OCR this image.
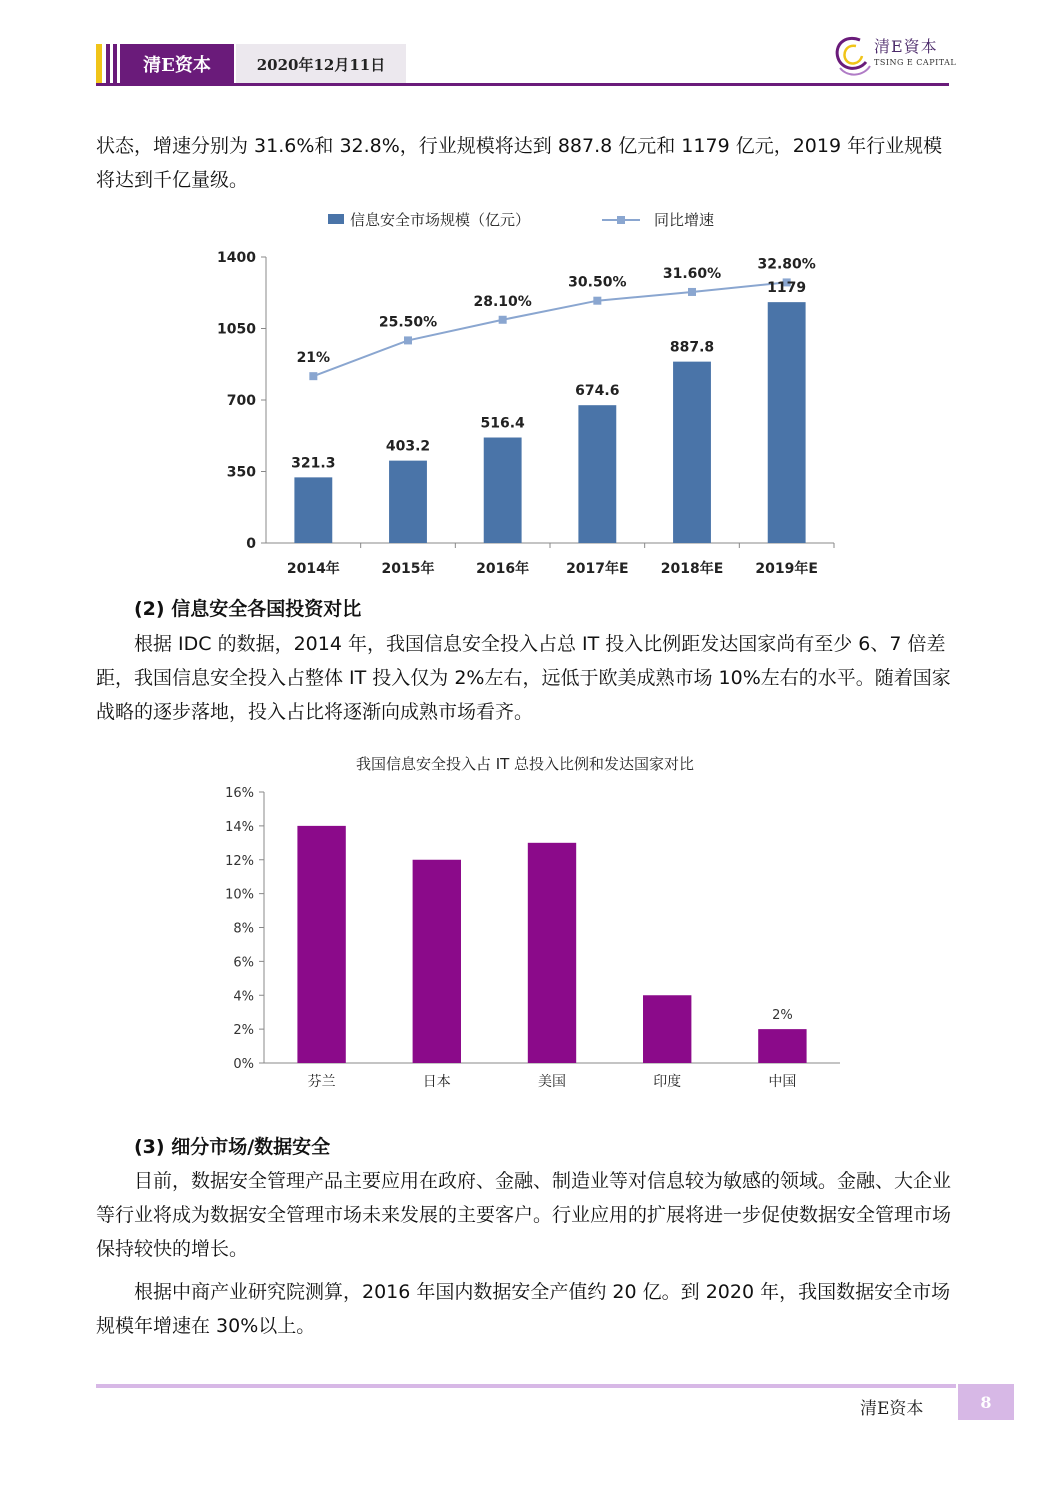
清E资本	2020年12月11日
清E資本
TSING E CAPITAL
状态，增速分别为 31.6%和 32.8%，行业规模将达到 887.8 亿元和 1179 亿元，2019 年行业规模将达到千亿量级。
信息安全市场规模（亿元）	同比增速
0
350
700
1050
1400
2014年	2015年	2016年	2017年E 2018年E 2019年E
321.3
403.2
516.4
674.6
887.8
1179
21%
25.50%
28.10%
30.50%
31.60%
32.80%
(2) 信息安全各国投资对比
根据 IDC 的数据，2014 年，我国信息安全投入占总 IT 投入比例距发达国家尚有至少 6、7 倍差距，我国信息安全投入占整体 IT 投入仅为 2%左右，远低于欧美成熟市场 10%左右的水平。随着国家战略的逐步落地，投入占比将逐渐向成熟市场看齐。
我国信息安全投入占 IT 总投入比例和发达国家对比
0%
2%
4%
6%
8%
10%
12%
14%
16%
芬兰	日本	美国	印度	中国
2%
(3) 细分市场/数据安全
目前，数据安全管理产品主要应用在政府、金融、制造业等对信息较为敏感的领域。金融、大企业等行业将成为数据安全管理市场未来发展的主要客户。行业应用的扩展将进一步促使数据安全管理市场保持较快的增长。
根据中商产业研究院测算，2016 年国内数据安全产值约 20 亿。到 2020 年，我国数据安全市场规模年增速在 30%以上。
清E资本	8
